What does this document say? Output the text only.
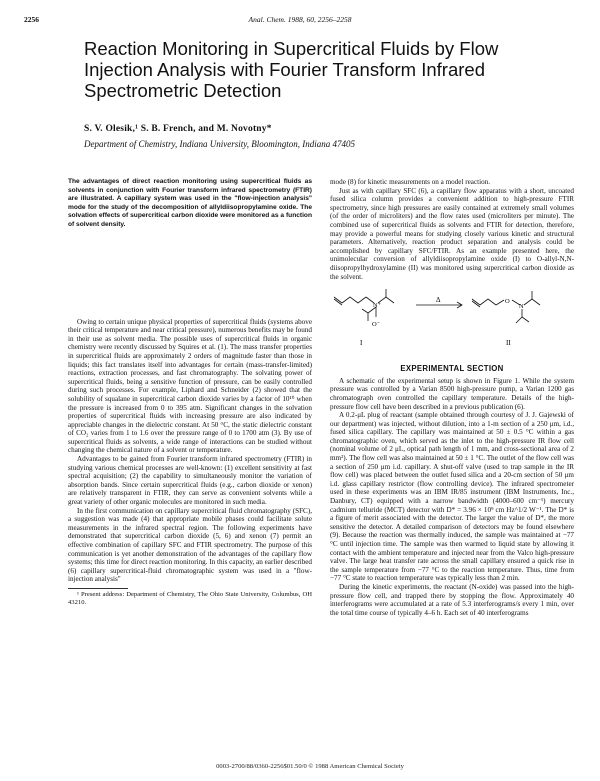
2256	Anal. Chem. 1988, 60, 2256–2258
Reaction Monitoring in Supercritical Fluids by Flow Injection Analysis with Fourier Transform Infrared Spectrometric Detection
S. V. Olesik,¹ S. B. French, and M. Novotny*
Department of Chemistry, Indiana University, Bloomington, Indiana 47405

The advantages of direct reaction monitoring using supercritical fluids as solvents in conjunction with Fourier transform infrared spectrometry (FTIR) are illustrated. A capillary system was used in the "flow-injection analysis" mode for the study of the decomposition of allyldiisopropylamine oxide. The solvation effects of supercritical carbon dioxide were monitored as a function of solvent density.

Owing to certain unique physical properties of supercritical fluids (systems above their critical temperature and near critical pressure), numerous benefits may be found in their use as solvent media. The possible uses of supercritical fluids in organic chemistry were recently discussed by Squires et al. (1). The mass transfer properties in supercritical fluids are approximately 2 orders of magnitude faster than those in liquids; this fact translates itself into advantages for certain (mass-transfer-limited) reactions, extraction processes, and fast chromatography. The solvating power of supercritical fluids, being a sensitive function of pressure, can be easily controlled during such processes. For example, Liphard and Schneider (2) showed that the solubility of squalane in supercritical carbon dioxide varies by a factor of 10¹⁰ when the pressure is increased from 0 to 395 atm. Significant changes in the solvation properties of supercritical fluids with increasing pressure are also indicated by appreciable changes in the dielectric constant. At 50 °C, the static dielectric constant of CO₂ varies from 1 to 1.6 over the pressure range of 0 to 1700 atm (3). By use of supercritical fluids as solvents, a wide range of interactions can be studied without changing the chemical nature of a solvent or temperature.

Advantages to be gained from Fourier transform infrared spectrometry (FTIR) in studying various chemical processes are well-known: (1) excellent sensitivity at fast spectral acquisition; (2) the capability to simultaneously monitor the variation of absorption bands. Since certain supercritical fluids (e.g., carbon dioxide or xenon) are relatively transparent in FTIR, they can serve as convenient solvents while a great variety of other organic molecules are monitored in such media.

In the first communication on capillary supercritical fluid chromatography (SFC), a suggestion was made (4) that appropriate mobile phases could facilitate solute measurements in the infrared spectral region. The following experiments have demonstrated that supercritical carbon dioxide (5, 6) and xenon (7) permit an effective combination of capillary SFC and FTIR spectrometry. The purpose of this communication is yet another demonstration of the advantages of the capillary flow systems; this time for direct reaction monitoring. In this capacity, an earlier described (6) capillary supercritical-fluid chromatographic system was used in a "flow-injection analysis"

¹ Present address: Department of Chemistry, The Ohio State University, Columbus, OH 43210.

mode (8) for kinetic measurements on a model reaction.

Just as with capillary SFC (6), a capillary flow apparatus with a short, uncoated fused silica column provides a convenient addition to high-pressure FTIR spectrometry, since high pressures are easily contained at extremely small volumes (of the order of microliters) and the flow rates used (microliters per minute). The combined use of supercritical fluids as solvents and FTIR for detection, therefore, may provide a powerful means for studying closely various kinetic and structural parameters. Alternatively, reaction product separation and analysis could be accomplished by capillary SFC/FTIR. As an example presented here, the unimolecular conversion of allyldiisopropylamine oxide (I) to O-allyl-N,N-diisopropylhydroxylamine (II) was monitored using supercritical carbon dioxide as the solvent.

N⁺
O⁻
Δ	O
N
I	II
EXPERIMENTAL SECTION

A schematic of the experimental setup is shown in Figure 1. While the system pressure was controlled by a Varian 8500 high-pressure pump, a Varian 1200 gas chromatograph oven controlled the capillary temperature. Details of the high-pressure flow cell have been described in a previous publication (6).

A 0.2-μL plug of reactant (sample obtained through courtesy of J. J. Gajewski of our department) was injected, without dilution, into a 1-m section of a 250 μm, i.d., fused silica capillary. The capillary was maintained at 50 ± 0.5 °C within a gas chromatographic oven, which served as the inlet to the high-pressure IR flow cell (nominal volume of 2 μL, optical path length of 1 mm, and cross-sectional area of 2 mm²). The flow cell was also maintained at 50 ± 1 °C. The outlet of the flow cell was a section of 250 μm i.d. capillary. A shut-off valve (used to trap sample in the IR flow cell) was placed between the outlet fused silica and a 20-cm section of 50 μm i.d. glass capillary restrictor (flow controlling device). The infrared spectrometer used in these experiments was an IBM IR/85 instrument (IBM Instruments, Inc., Danbury, CT) equipped with a narrow bandwidth (4000–600 cm⁻¹) mercury cadmium telluride (MCT) detector with D* = 3.96 × 10⁹ cm Hz^1/2 W⁻¹. The D* is a figure of merit associated with the detector. The larger the value of D*, the more sensitive the detector. A detailed comparison of detectors may be found elsewhere (9). Because the reaction was thermally induced, the sample was maintained at −77 °C until injection time. The sample was then warmed to liquid state by allowing it contact with the ambient temperature and injected near from the Valco high-pressure valve. The large heat transfer rate across the small capillary ensured a quick rise in the sample temperature from −77 °C to the reaction temperature. Thus, time from −77 °C state to reaction temperature was typically less than 2 min.

During the kinetic experiments, the reactant (N-oxide) was passed into the high-pressure flow cell, and trapped there by stopping the flow. Approximately 40 interferograms were accumulated at a rate of 5.3 interferograms/s every 1 min, over the total time course of typically 4–6 h. Each set of 40 interferograms

0003-2700/88/0360-2256$01.50/0 © 1988 American Chemical Society
